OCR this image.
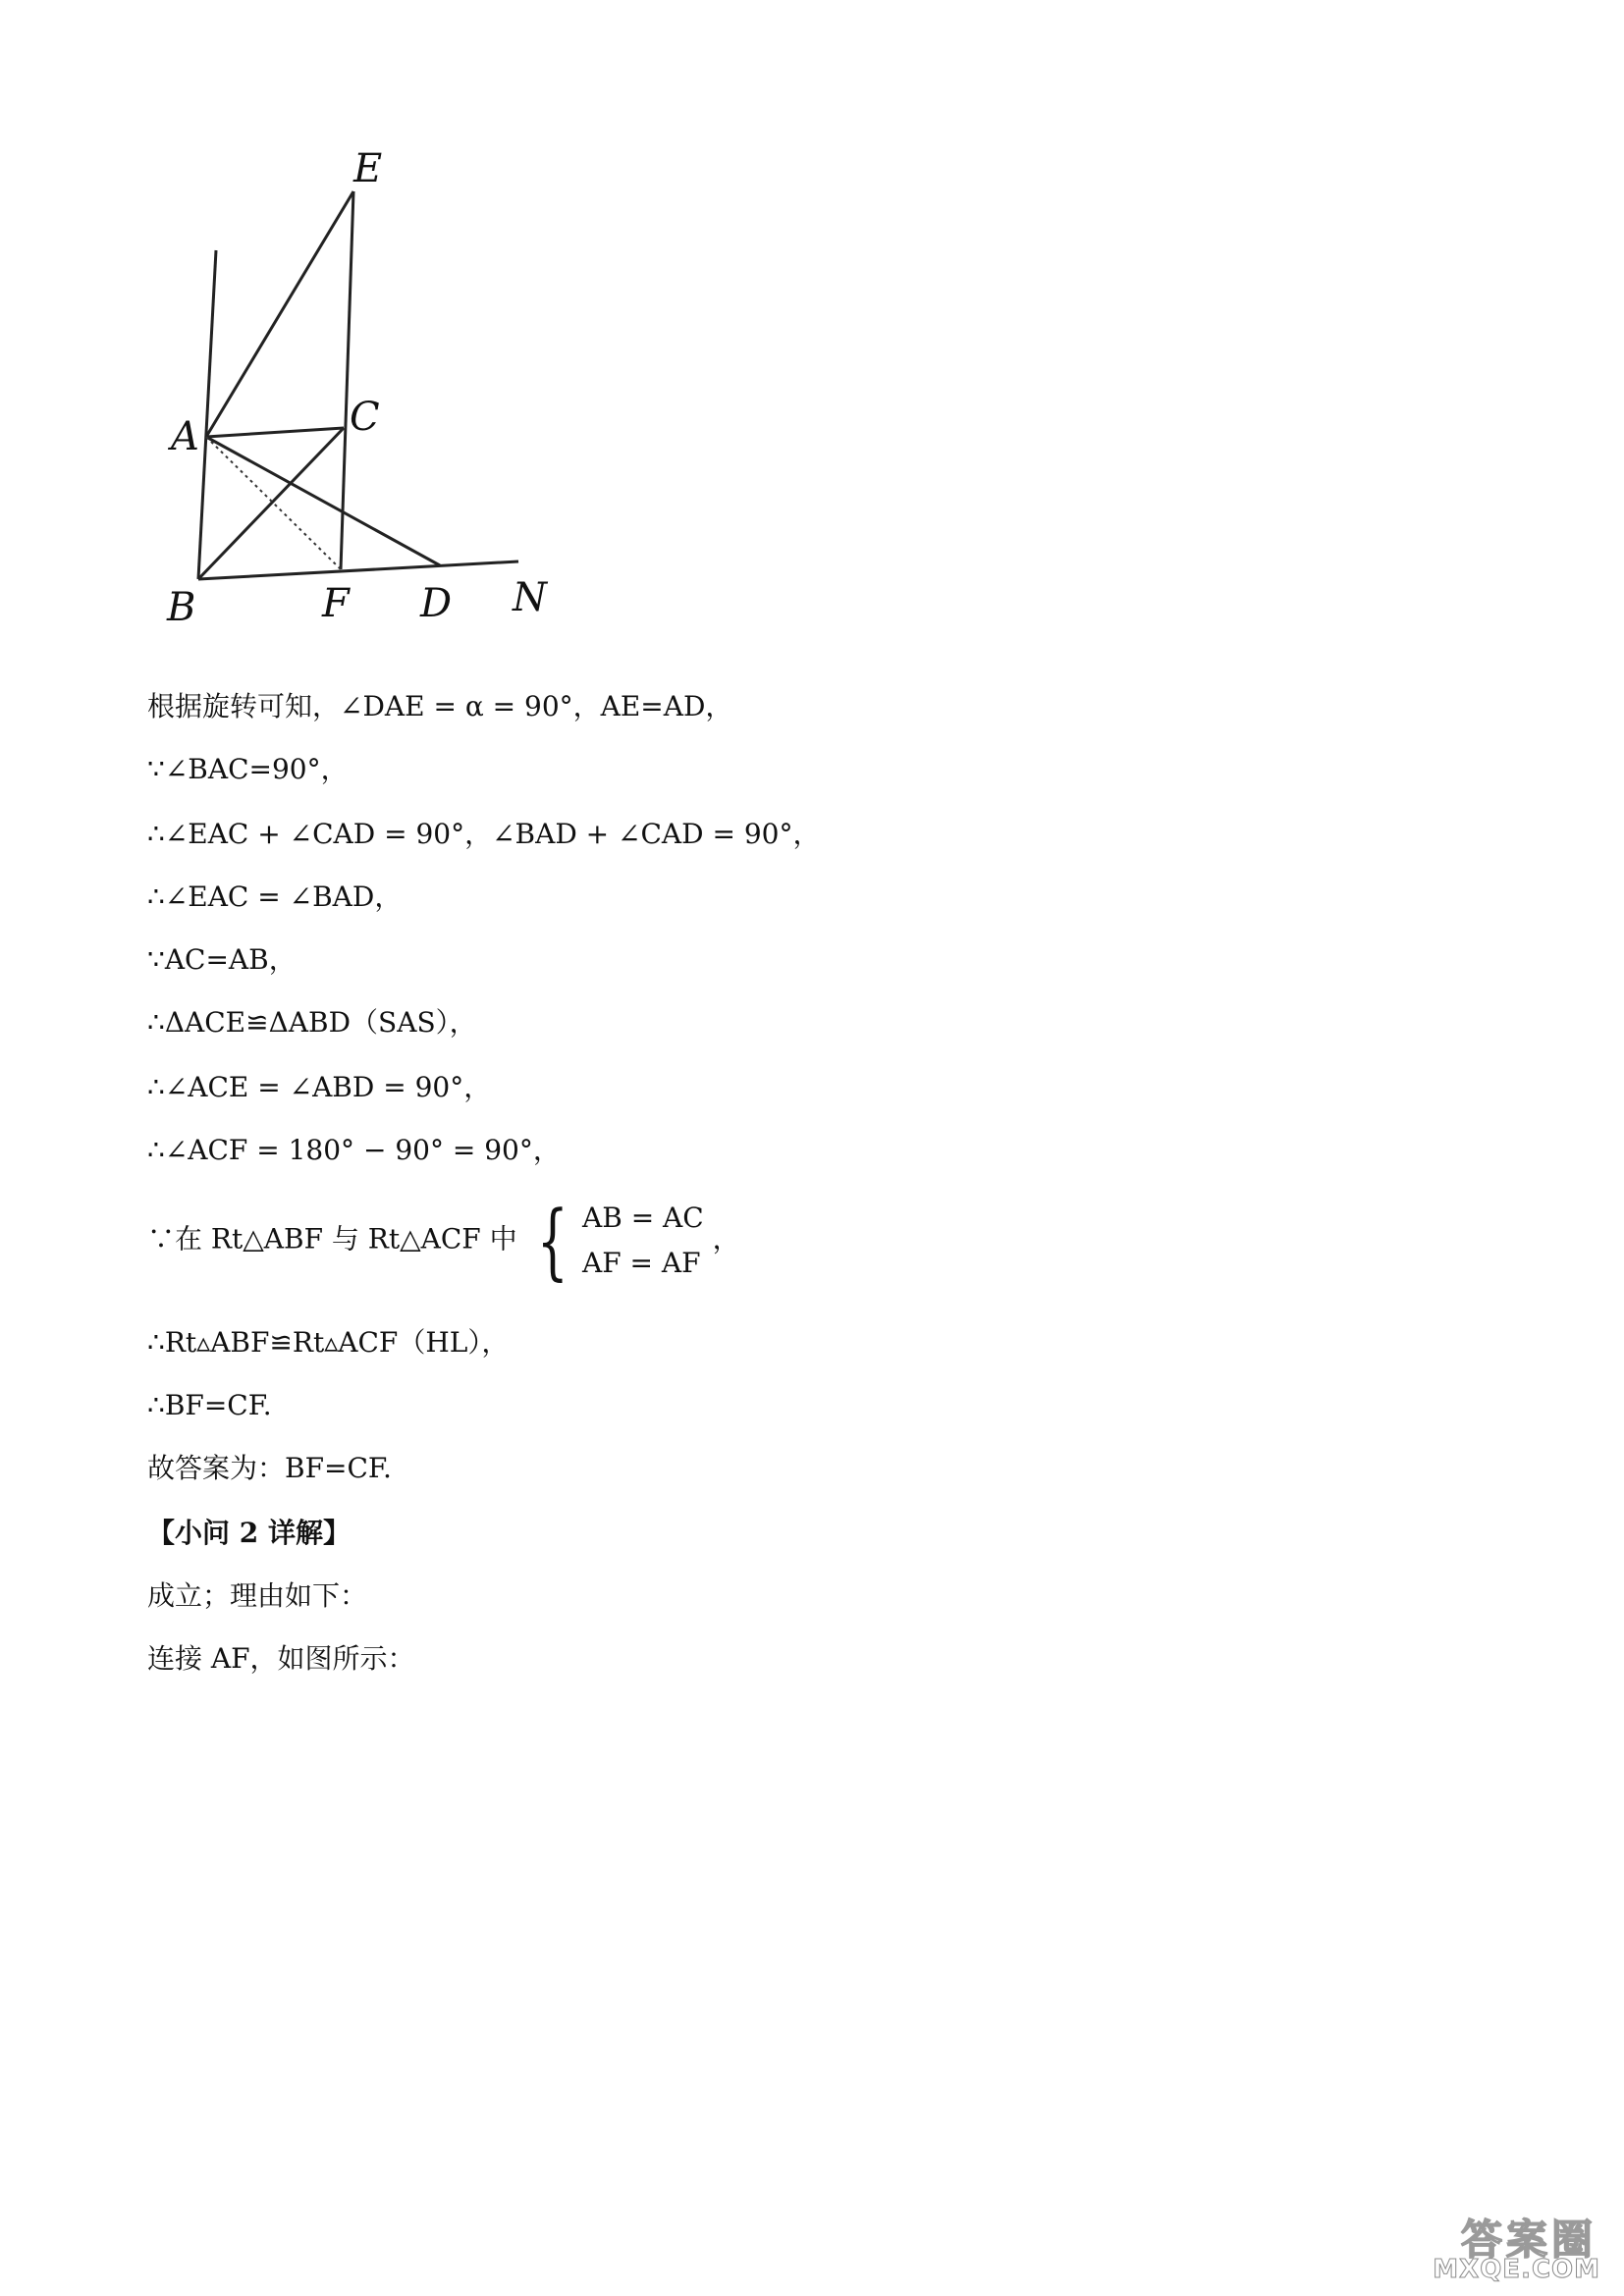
E
C
A
B	F D N
根据旋转可知，∠DAE = α = 90°，AE=AD，
∵∠BAC=90°，
∴∠EAC + ∠CAD = 90°，∠BAD + ∠CAD = 90°，
∴∠EAC = ∠BAD，
∵AC=AB，
∴ΔACE≌ΔABD（SAS），
∴∠ACE = ∠ABD = 90°，
∴∠ACF = 180° − 90° = 90°，
∵在 Rt△ABF 与 Rt△ACF 中 { AB = AC
AF = AF
，
∴Rt▵ABF≌Rt▵ACF（HL），
∴BF=CF.
故答案为：BF=CF.
【小问 2 详解】
成立；理由如下：
连接 AF，如图所示：
答案圈
MXQE.COM
